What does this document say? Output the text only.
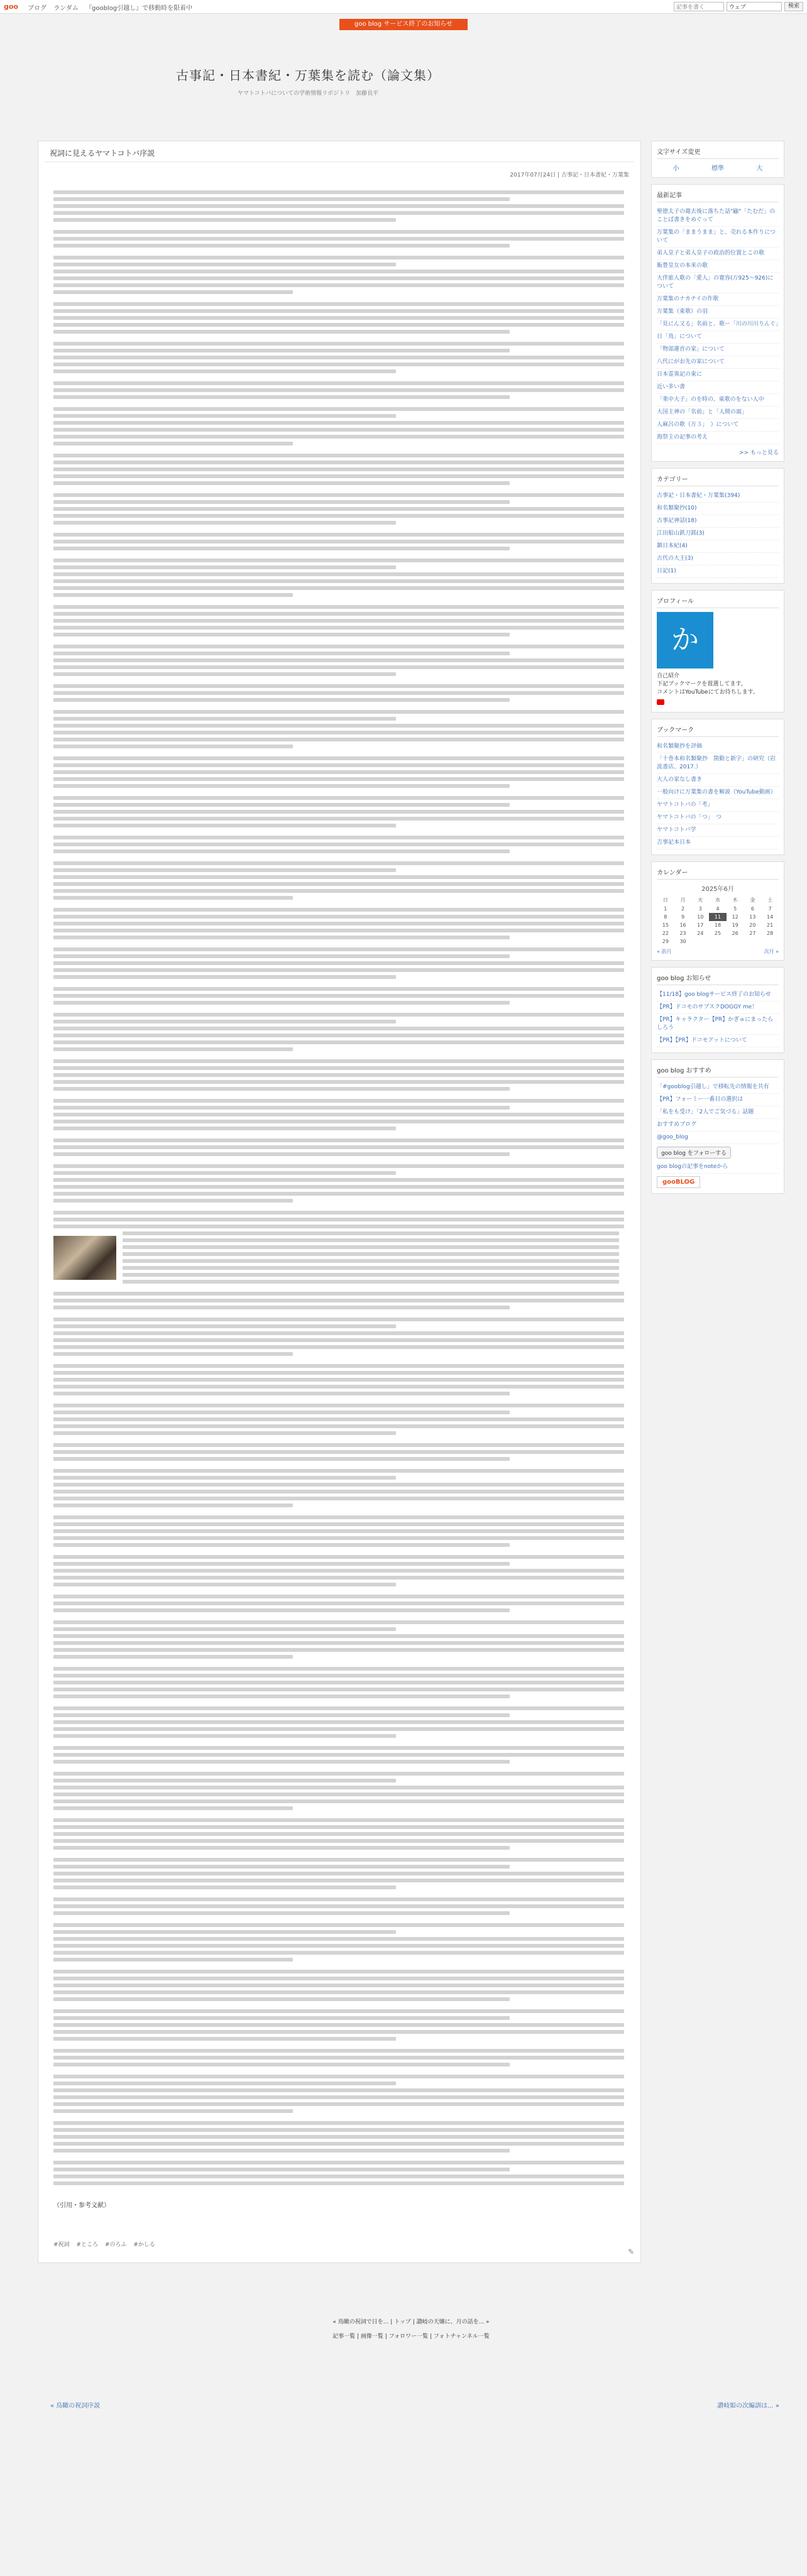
goo ブログ ランダム 『gooblog引越し』で移動時を限着中
記事を書く	ウェブ	検索
goo blog サービス終了のお知らせ
古事記・日本書紀・万葉集を読む（論文集）

ヤマトコトバについての学術情報リポジトリ　加藤良平

祝詞に見えるヤマトコトバ序説
2017年07月24日 | 古事記・日本書紀・万葉集
（引用・参考文献）
#祝詞 #ところ #のろふ #かしる
✎
文字サイズ変更
小	標準	大
最新記事
聖徳太子の薨去後に落ちた話"鼬"「たむだ」のことば書きをめぐって
万葉集の「ままうまま」と、売れる本作りについて
弟人皇子と弟人皇子の政治的位置とこの歌
飯豊皇女の本来の歌
大伴旅人歌の「愛人」の寛容(万925～926)について
万葉集のナカチイの作歌
万葉集（東歌）の羽
「見にん又る」名前と、歌ー「川の川川りんぐ」
日「鳥」について
「物部蓮首の家」について
八代にがお先の家について
日本霊異記の東に
近い多い書
「楽中大子」のを時の、東歌のをない人中
大国主神の「名前」と「人間の面」
人麻呂の歌（万３」　）について
海祭主の記事の考え
>> もっと見る
カテゴリー
古事記・日本書紀・万葉集(394)
和名類聚抄(10)
古事記神話(18)
江田船山鉄刀銘(3)
鎮日本紀(4)
古代の大王(3)
日記(1)
プロフィール
か
自己紹介
下記ブックマークを置選してます。
コメントはYouTubeにてお待ちします。
ブックマーク
和名類聚抄を評価
「十巻本和名類聚抄　箇動と新字」の研究（岩波書店、2017.）
大人の家なし書き
一般向けに万葉集の書を解説（YouTube動画）
ヤマトコトバの「考」
ヤマトコトバの「つ」　つ
ヤマトコトバ学
吉事記本日本
カレンダー
2025年6月
日	月	火	水	木	金	土
1	2	3	4	5	6	7
8	9	10	11	12	13	14
15	16	17	18	19	20	21
22	23	24	25	26	27	28
29	30					
« 前月	次月 »
goo blog お知らせ
【11/18】goo blogサービス終了のお知らせ
【PR】ドコモのサブスクDOGGY me！
【PR】キャラクター【PR】かぎゅにまったらしろう
【PR】【PR】ドコモアットについて
goo blog おすすめ
「#gooblog引越し」で移転先の情報を共有
【PR】フォーミー一番目の選択は
「私をも受け」「2人でご気づる」話題
おすすめブログ
@goo_blog
goo blog をフォローする
goo blogの記事をnoteから
gooBLOG
« 鳥瞰の祝詞で日を... | トップ | 讃岐の天嬢に、月の話を... »
記事一覧 | 画像一覧 | フォロワー一覧 | フォトチャンネル一覧
« 鳥瞰の祝詞序説	讃岐姫の次編訓は... »
